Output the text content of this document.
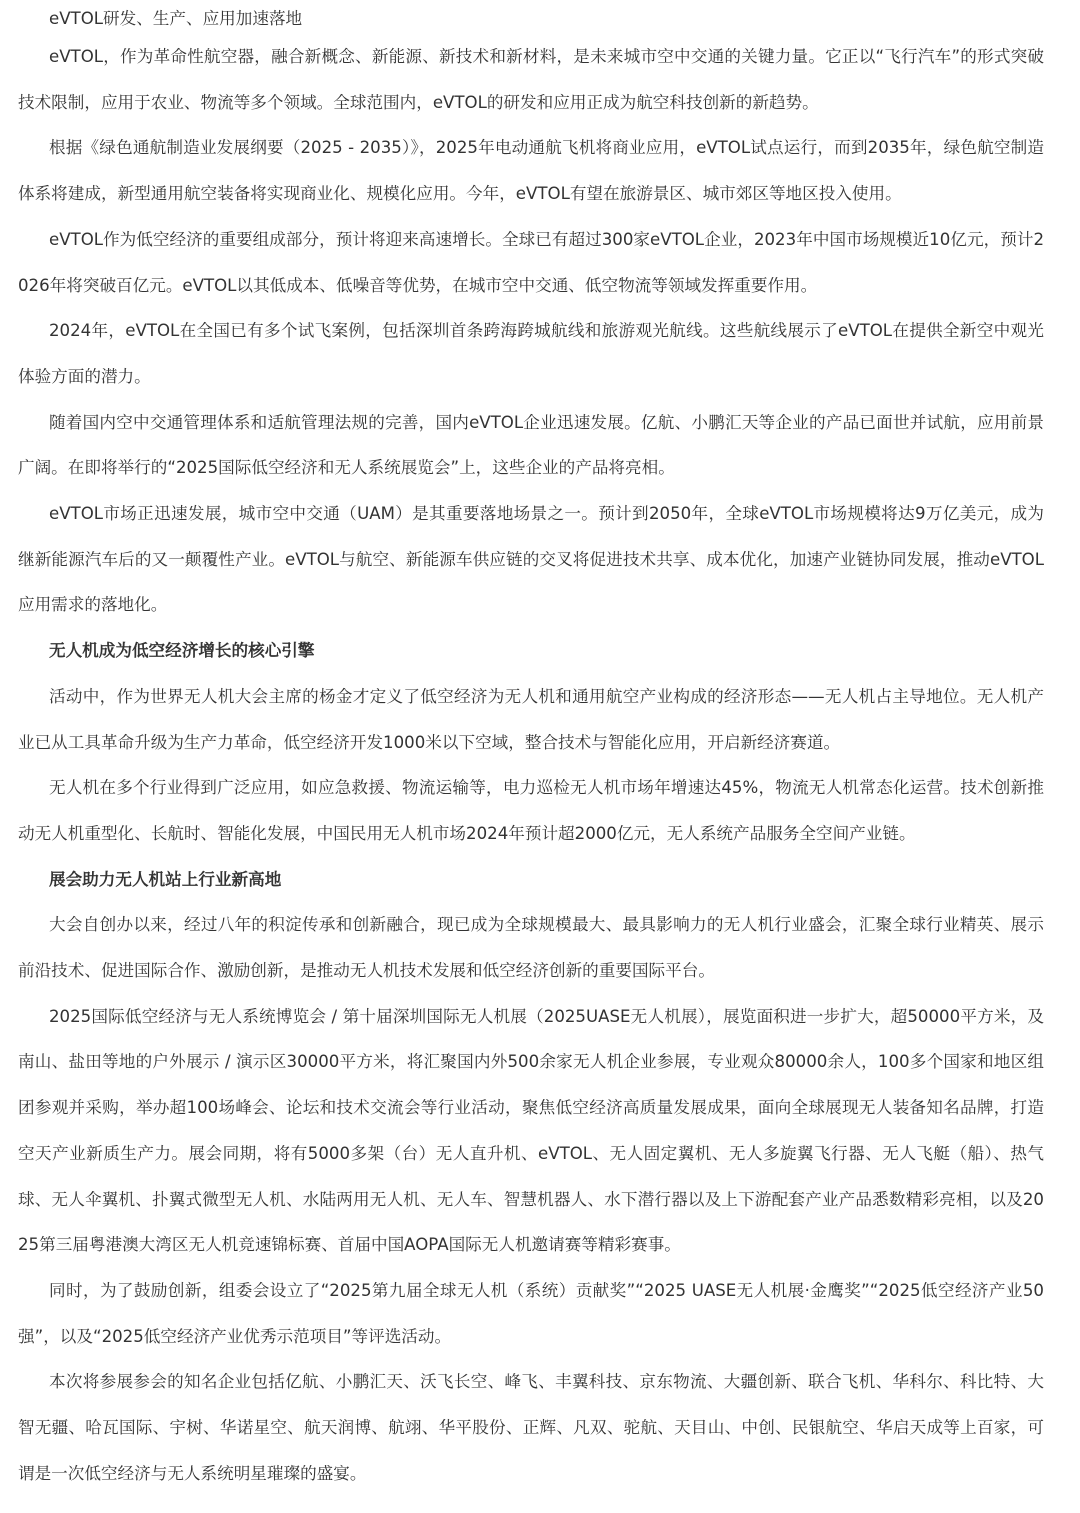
eVTOL研发、生产、应用加速落地

eVTOL，作为革命性航空器，融合新概念、新能源、新技术和新材料，是未来城市空中交通的关键力量。它正以“飞行汽车”的形式突破技术限制，应用于农业、物流等多个领域。全球范围内，eVTOL的研发和应用正成为航空科技创新的新趋势。

根据《绿色通航制造业发展纲要（2025 - 2035）》，2025年电动通航飞机将商业应用，eVTOL试点运行，而到2035年，绿色航空制造体系将建成，新型通用航空装备将实现商业化、规模化应用。今年，eVTOL有望在旅游景区、城市郊区等地区投入使用。

eVTOL作为低空经济的重要组成部分，预计将迎来高速增长。全球已有超过300家eVTOL企业，2023年中国市场规模近10亿元，预计2026年将突破百亿元。eVTOL以其低成本、低噪音等优势，在城市空中交通、低空物流等领域发挥重要作用。

2024年，eVTOL在全国已有多个试飞案例，包括深圳首条跨海跨城航线和旅游观光航线。这些航线展示了eVTOL在提供全新空中观光体验方面的潜力。

随着国内空中交通管理体系和适航管理法规的完善，国内eVTOL企业迅速发展。亿航、小鹏汇天等企业的产品已面世并试航，应用前景广阔。在即将举行的“2025国际低空经济和无人系统展览会”上，这些企业的产品将亮相。

eVTOL市场正迅速发展，城市空中交通（UAM）是其重要落地场景之一。预计到2050年，全球eVTOL市场规模将达9万亿美元，成为继新能源汽车后的又一颠覆性产业。eVTOL与航空、新能源车供应链的交叉将促进技术共享、成本优化，加速产业链协同发展，推动eVTOL应用需求的落地化。

无人机成为低空经济增长的核心引擎

活动中，作为世界无人机大会主席的杨金才定义了低空经济为无人机和通用航空产业构成的经济形态——无人机占主导地位。无人机产业已从工具革命升级为生产力革命，低空经济开发1000米以下空域，整合技术与智能化应用，开启新经济赛道。

无人机在多个行业得到广泛应用，如应急救援、物流运输等，电力巡检无人机市场年增速达45%，物流无人机常态化运营。技术创新推动无人机重型化、长航时、智能化发展，中国民用无人机市场2024年预计超2000亿元，无人系统产品服务全空间产业链。

展会助力无人机站上行业新高地

大会自创办以来，经过八年的积淀传承和创新融合，现已成为全球规模最大、最具影响力的无人机行业盛会，汇聚全球行业精英、展示前沿技术、促进国际合作、激励创新，是推动无人机技术发展和低空经济创新的重要国际平台。

2025国际低空经济与无人系统博览会 / 第十届深圳国际无人机展（2025UASE无人机展），展览面积进一步扩大，超50000平方米，及南山、盐田等地的户外展示 / 演示区30000平方米，将汇聚国内外500余家无人机企业参展，专业观众80000余人，100多个国家和地区组团参观并采购，举办超100场峰会、论坛和技术交流会等行业活动，聚焦低空经济高质量发展成果，面向全球展现无人装备知名品牌，打造空天产业新质生产力。展会同期，将有5000多架（台）无人直升机、eVTOL、无人固定翼机、无人多旋翼飞行器、无人飞艇（船）、热气球、无人伞翼机、扑翼式微型无人机、水陆两用无人机、无人车、智慧机器人、水下潜行器以及上下游配套产业产品悉数精彩亮相，以及2025第三届粤港澳大湾区无人机竞速锦标赛、首届中国AOPA国际无人机邀请赛等精彩赛事。

同时，为了鼓励创新，组委会设立了“2025第九届全球无人机（系统）贡献奖”“2025 UASE无人机展·金鹰奖”“2025低空经济产业50强”，以及“2025低空经济产业优秀示范项目”等评选活动。

本次将参展参会的知名企业包括亿航、小鹏汇天、沃飞长空、峰飞、丰翼科技、京东物流、大疆创新、联合飞机、华科尔、科比特、大智无疆、哈瓦国际、宇树、华诺星空、航天润博、航翊、华平股份、正辉、凡双、驼航、天目山、中创、民银航空、华启天成等上百家，可谓是一次低空经济与无人系统明星璀璨的盛宴。
